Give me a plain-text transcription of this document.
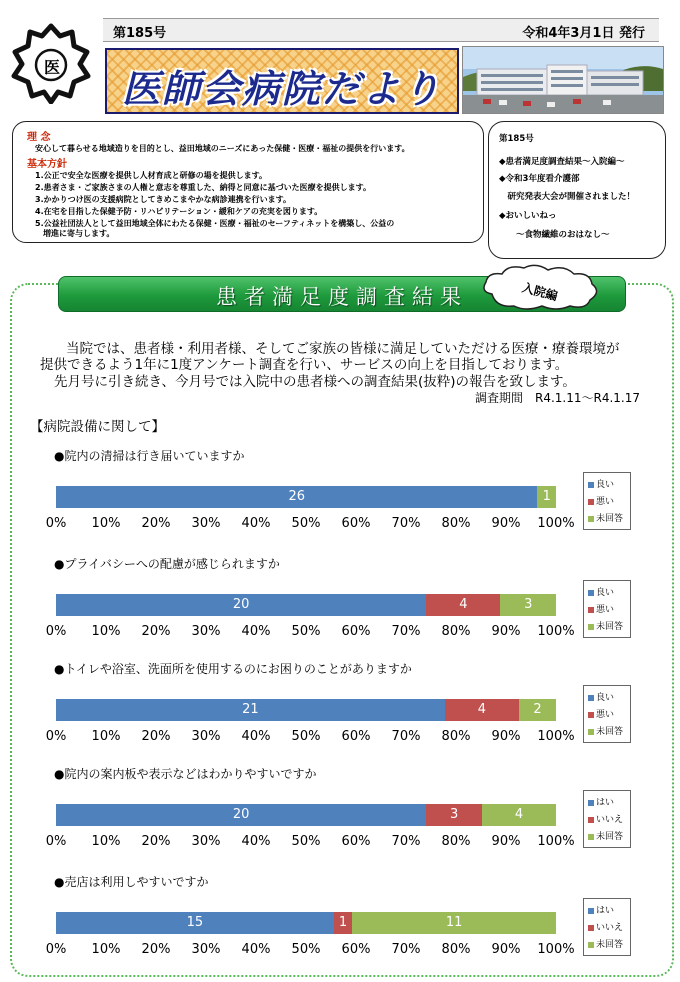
医
第185号	令和4年3月1日 発行
医師会病院だより
理 念
安心して暮らせる地域造りを目的とし、益田地域のニーズにあった保健・医療・福祉の提供を行います。
基本方針
1.公正で安全な医療を提供し人材育成と研修の場を提供します。
2.患者さま・ご家族さまの人権と意志を尊重した、納得と同意に基づいた医療を提供します。
3.かかりつけ医の支援病院としてきめこまやかな病診連携を行います。
4.在宅を目指した保健予防・リハビリテーション・緩和ケアの充実を図ります。
5.公益社団法人として益田地域全体にわたる保健・医療・福祉のセーフティネットを構築し、公益の
　増進に寄与します。
第185号
◆患者満足度調査結果～入院編～
◆令和3年度看介護部
　研究発表大会が開催されました！
◆おいしいねっ
　　～食物繊維のおはなし～
患者満足度調査結果	入院編
当院では、患者様・利用者様、そしてご家族の皆様に満足していただける医療・療養環境が
提供できるよう1年に1度アンケート調査を行い、サービスの向上を目指しております。
先月号に引き続き、今月号では入院中の患者様への調査結果(抜粋)の報告を致します。
調査期間　R4.1.11～R4.1.17
【病院設備に関して】
●院内の清掃は行き届いていますか
26	1
0% 10% 20% 30% 40% 50% 60% 70% 80% 90% 100%
良い
悪い
未回答
●プライバシーへの配慮が感じられますか
20	4	3
0% 10% 20% 30% 40% 50% 60% 70% 80% 90% 100%
良い
悪い
未回答
●トイレや浴室、洗面所を使用するのにお困りのことがありますか
21	4	2
0% 10% 20% 30% 40% 50% 60% 70% 80% 90% 100%
良い
悪い
未回答
●院内の案内板や表示などはわかりやすいですか
20	3	4
0% 10% 20% 30% 40% 50% 60% 70% 80% 90% 100%
はい
いいえ
未回答
●売店は利用しやすいですか
15	1	11
0% 10% 20% 30% 40% 50% 60% 70% 80% 90% 100%
はい
いいえ
未回答
